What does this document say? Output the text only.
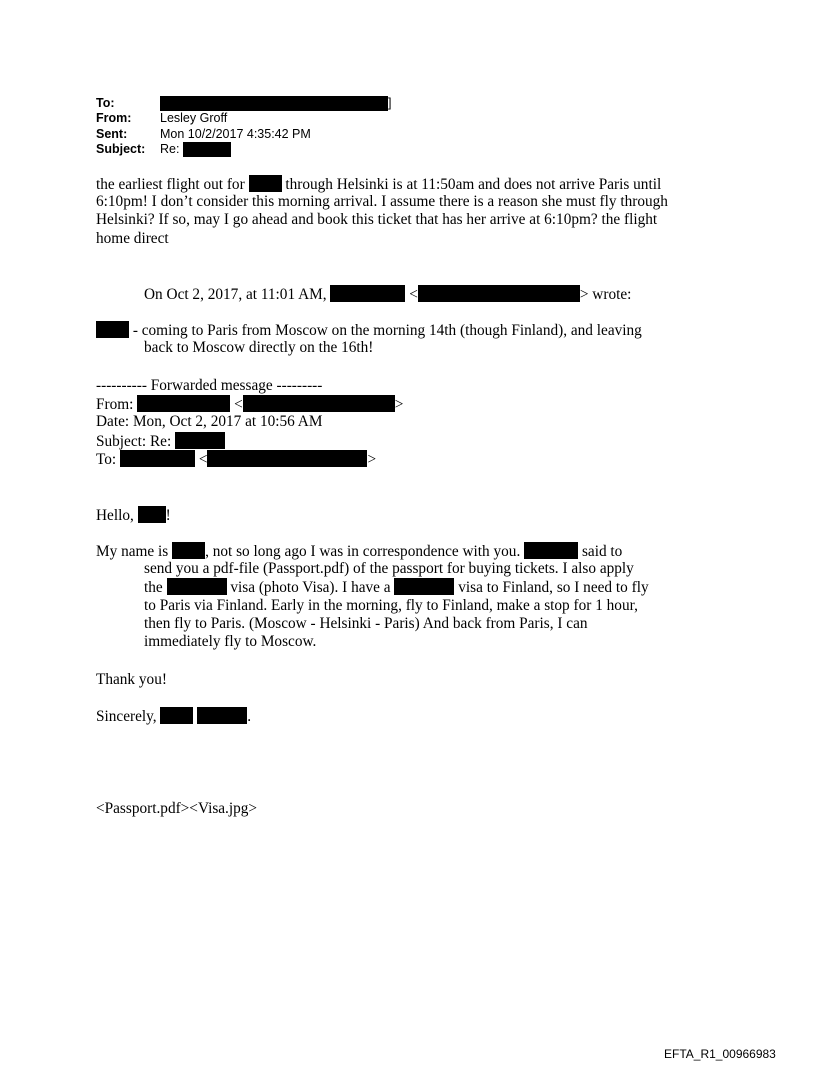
To:	]
From: Lesley Groff
Sent:	Mon 10/2/2017 4:35:42 PM
Subject: Re:
the earliest flight out for	through Helsinki is at 11:50am and does not arrive Paris until
6:10pm! I don’t consider this morning arrival. I assume there is a reason she must fly through
Helsinki? If so, may I go ahead and book this ticket that has her arrive at 6:10pm? the flight
home direct
On Oct 2, 2017, at 11:01 AM,	<	> wrote:
- coming to Paris from Moscow on the morning 14th (though Finland), and leaving
back to Moscow directly on the 16th!
---------- Forwarded message ---------
From:	<	>
Date: Mon, Oct 2, 2017 at 10:56 AM
Subject: Re:
To:	<	>
Hello, !
My name is , not so long ago I was in correspondence with you.	said to
send you a pdf-file (Passport.pdf) of the passport for buying tickets. I also apply
the	visa (photo Visa). I have a	visa to Finland, so I need to fly
to Paris via Finland. Early in the morning, fly to Finland, make a stop for 1 hour,
then fly to Paris. (Moscow - Helsinki - Paris) And back from Paris, I can
immediately fly to Moscow.
Thank you!
Sincerely,	.
<Passport.pdf><Visa.jpg>
EFTA_R1_00966983
